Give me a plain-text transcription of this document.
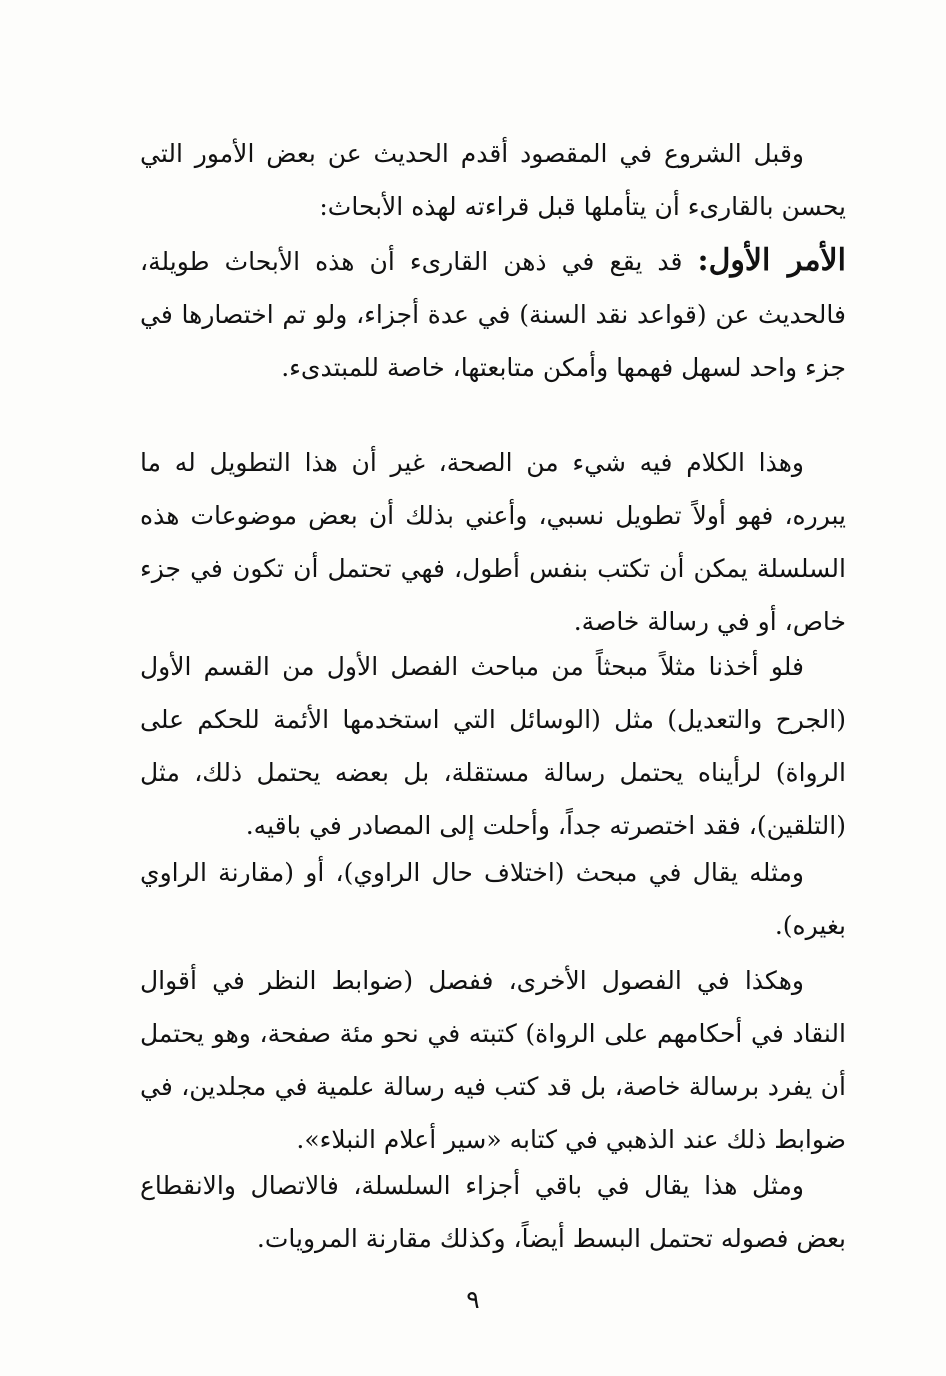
وقبل الشروع في المقصود أقدم الحديث عن بعض الأمور التي يحسن بالقارىء أن يتأملها قبل قراءته لهذه الأبحاث:

الأمر الأول: قد يقع في ذهن القارىء أن هذه الأبحاث طويلة، فالحديث عن (قواعد نقد السنة) في عدة أجزاء، ولو تم اختصارها في جزء واحد لسهل فهمها وأمكن متابعتها، خاصة للمبتدىء.

وهذا الكلام فيه شيء من الصحة، غير أن هذا التطويل له ما يبرره، فهو أولاً تطويل نسبي، وأعني بذلك أن بعض موضوعات هذه السلسلة يمكن أن تكتب بنفس أطول، فهي تحتمل أن تكون في جزء خاص، أو في رسالة خاصة.

فلو أخذنا مثلاً مبحثاً من مباحث الفصل الأول من القسم الأول (الجرح والتعديل) مثل (الوسائل التي استخدمها الأئمة للحكم على الرواة) لرأيناه يحتمل رسالة مستقلة، بل بعضه يحتمل ذلك، مثل (التلقين)، فقد اختصرته جداً، وأحلت إلى المصادر في باقيه.

ومثله يقال في مبحث (اختلاف حال الراوي)، أو (مقارنة الراوي بغيره).

وهكذا في الفصول الأخرى، ففصل (ضوابط النظر في أقوال النقاد في أحكامهم على الرواة) كتبته في نحو مئة صفحة، وهو يحتمل أن يفرد برسالة خاصة، بل قد كتب فيه رسالة علمية في مجلدين، في ضوابط ذلك عند الذهبي في كتابه «سير أعلام النبلاء».

ومثل هذا يقال في باقي أجزاء السلسلة، فالاتصال والانقطاع بعض فصوله تحتمل البسط أيضاً، وكذلك مقارنة المرويات.

٩
